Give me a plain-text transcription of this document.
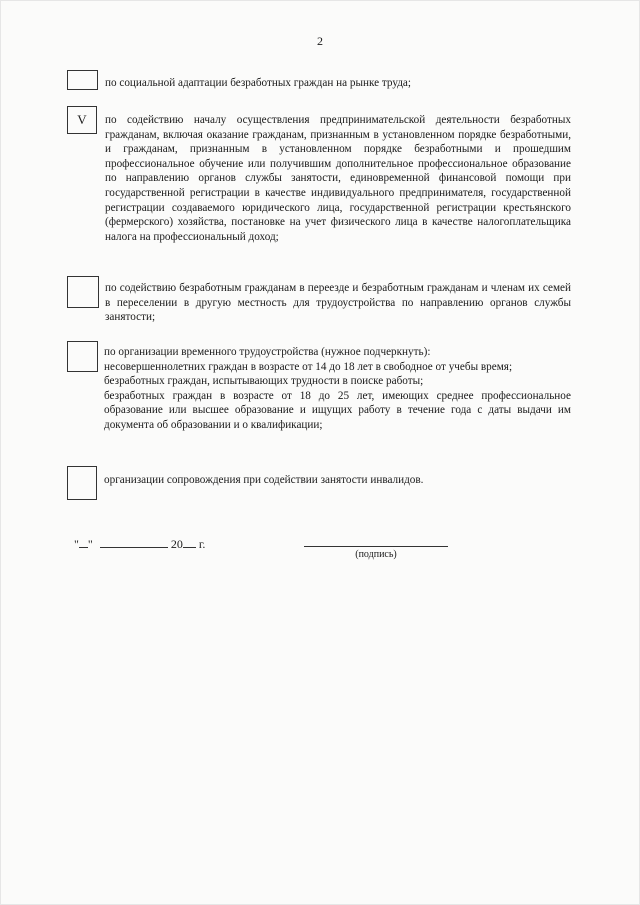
2

по социальной адаптации безработных граждан на рынке труда;

V	по содействию началу осуществления предпринимательской деятельности безработных гражданам, включая оказание гражданам, признанным в установленном порядке безработными, и гражданам, признанным в установленном порядке безработными и прошедшим профессиональное обучение или получившим дополнительное профессиональное образование по направлению органов службы занятости, единовременной финансовой помощи при государственной регистрации в качестве индивидуального предпринимателя, государственной регистрации создаваемого юридического лица, государственной регистрации крестьянского (фермерского) хозяйства, постановке на учет физического лица в качестве налогоплательщика налога на профессиональный доход;

по содействию безработным гражданам в переезде и безработным гражданам и членам их семей в переселении в другую местность для трудоустройства по направлению органов службы занятости;

по организации временного трудоустройства (нужное подчеркнуть):

несовершеннолетних граждан в возрасте от 14 до 18 лет в свободное от учебы время;

безработных граждан, испытывающих трудности в поиске работы;

безработных граждан в возрасте от 18 до 25 лет, имеющих среднее профессиональное образование или высшее образование и ищущих работу в течение года с даты выдачи им документа об образовании и о квалификации;

организации сопровождения при содействии занятости инвалидов.

" "	20 г.
(подпись)
